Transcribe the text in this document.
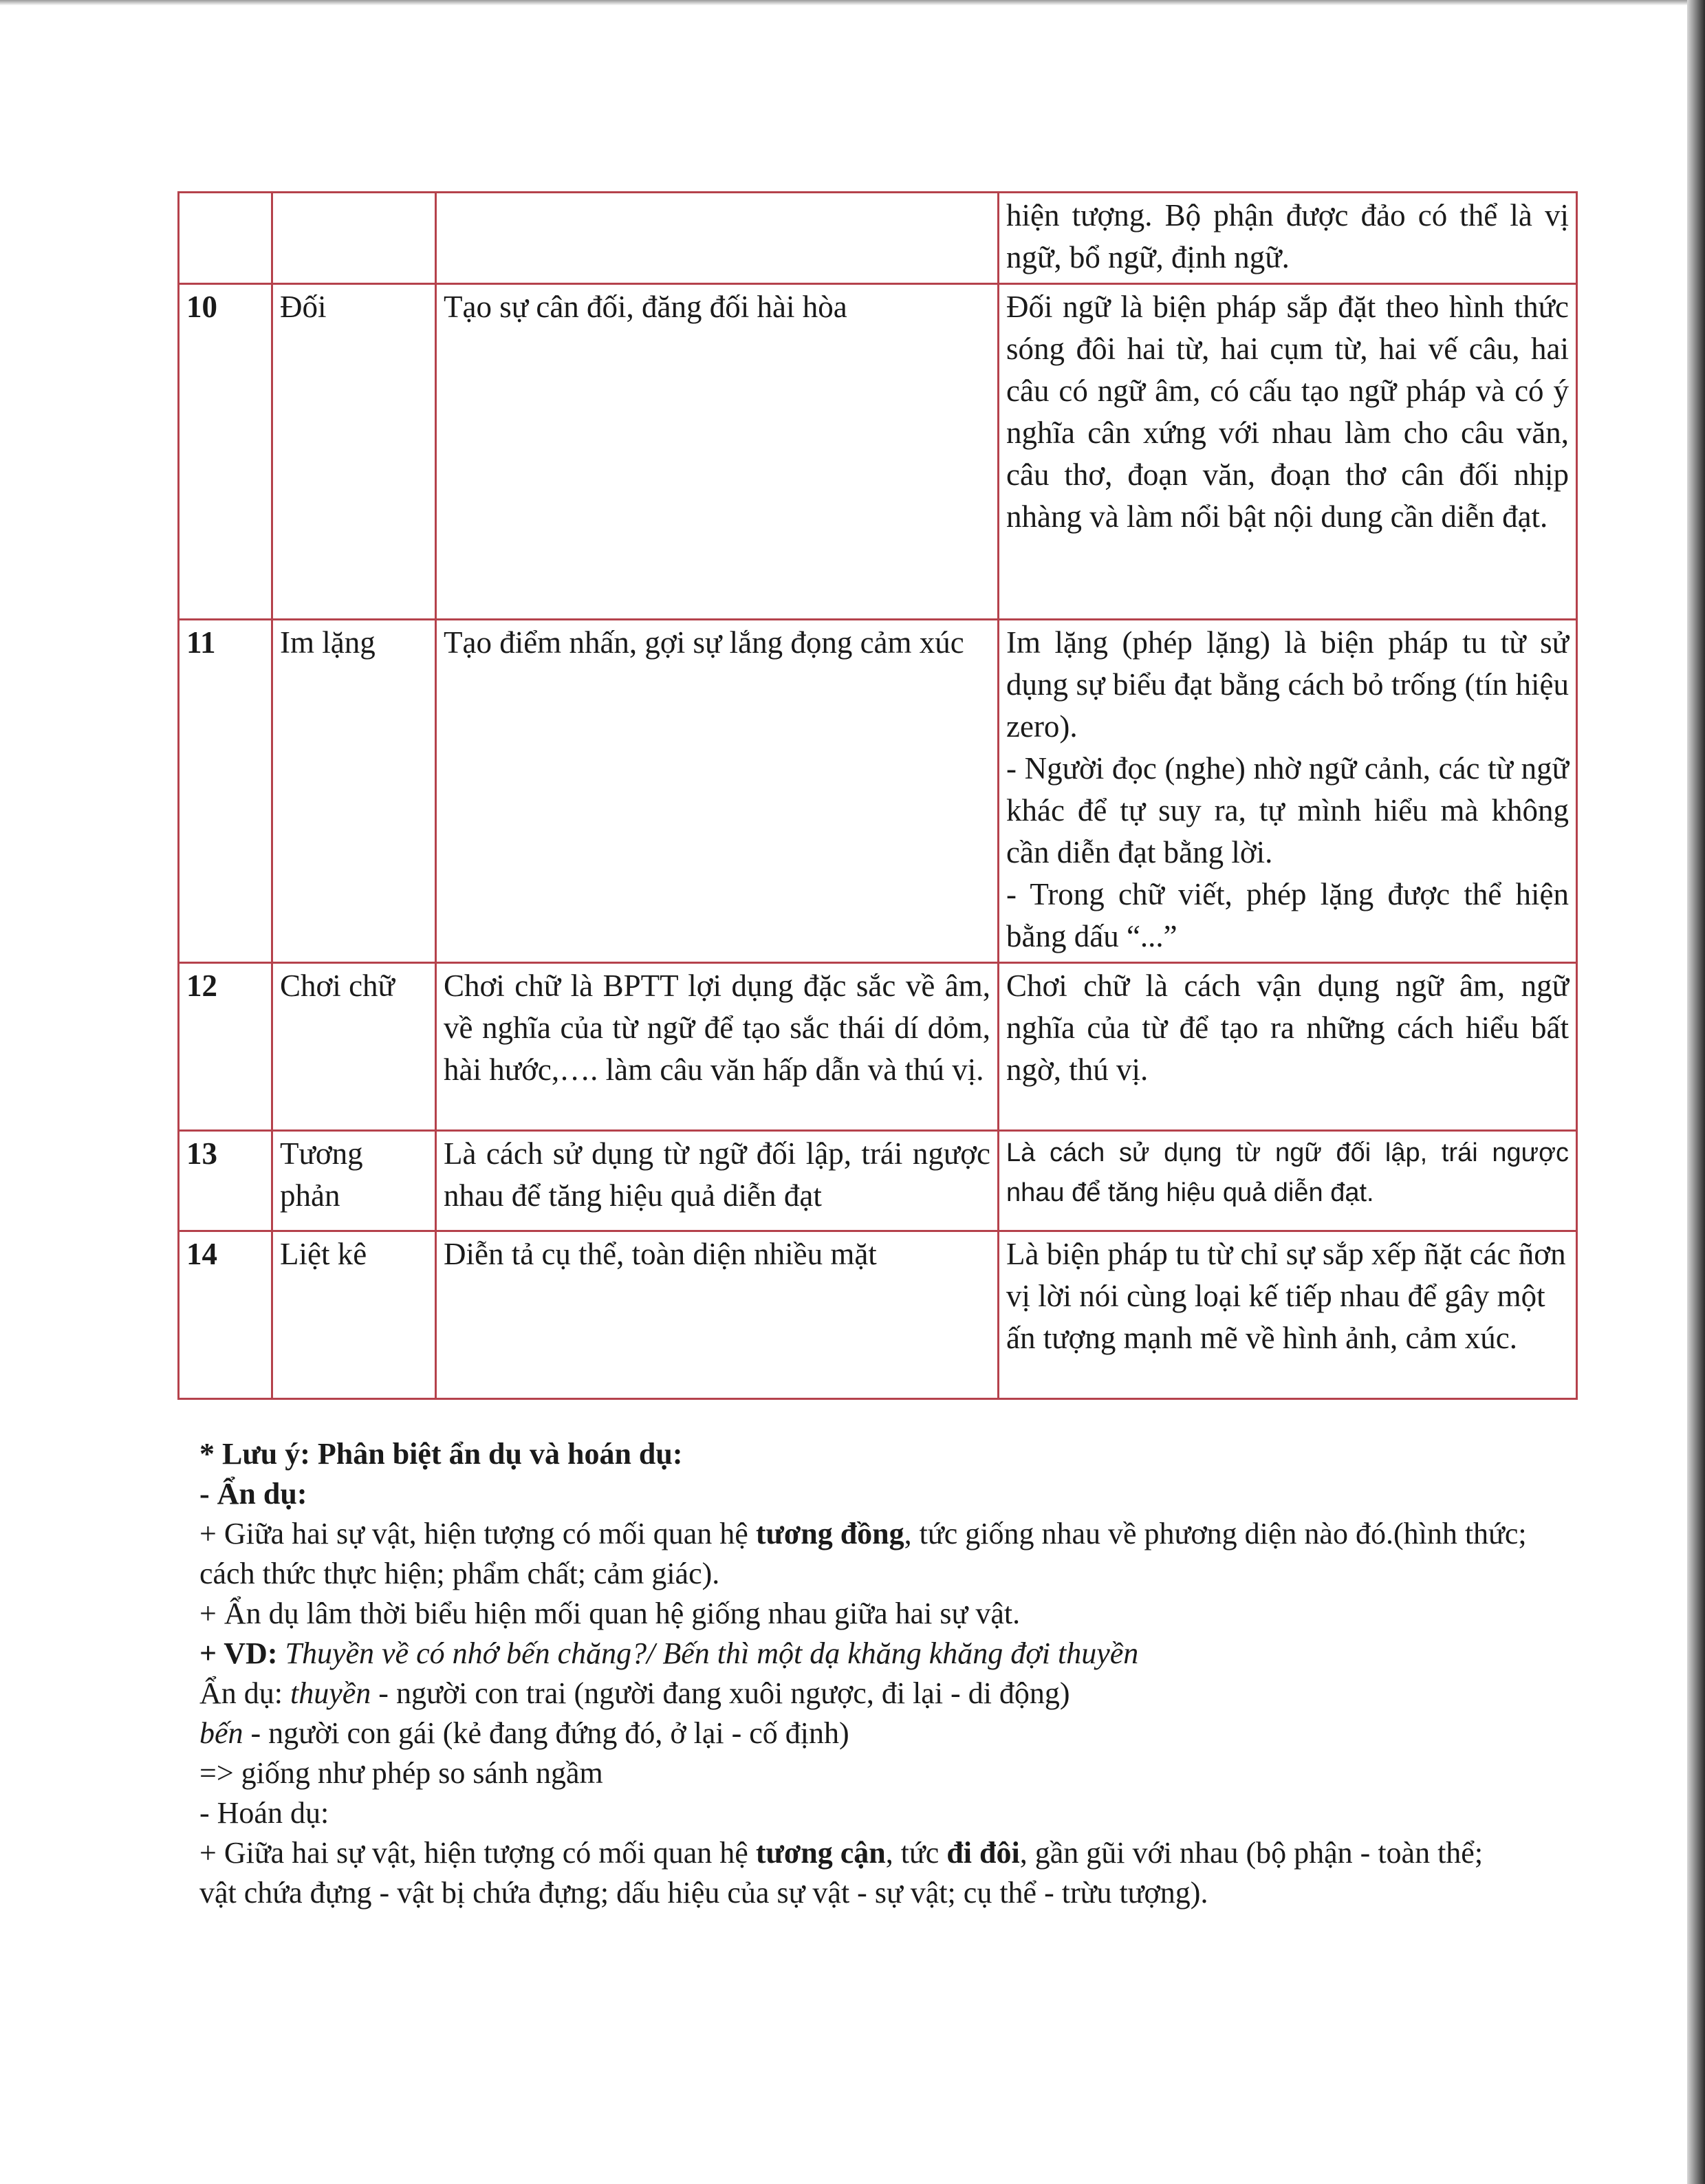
			hiện tượng. Bộ phận được đảo có thể là vị ngữ, bổ ngữ, định ngữ.
10	Đối	Tạo sự cân đối, đăng đối hài hòa	Đối ngữ là biện pháp sắp đặt theo hình thức sóng đôi hai từ, hai cụm từ, hai vế câu, hai câu có ngữ âm, có cấu tạo ngữ pháp và có ý nghĩa cân xứng với nhau làm cho câu văn, câu thơ, đoạn văn, đoạn thơ cân đối nhịp nhàng và làm nổi bật nội dung cần diễn đạt.
11	Im lặng	Tạo điểm nhấn, gợi sự lắng đọng cảm xúc	Im lặng (phép lặng) là biện pháp tu từ sử dụng sự biểu đạt bằng cách bỏ trống (tín hiệu zero).
- Người đọc (nghe) nhờ ngữ cảnh, các từ ngữ khác để tự suy ra, tự mình hiểu mà không cần diễn đạt bằng lời.
- Trong chữ viết, phép lặng được thể hiện bằng dấu “...”

12	Chơi chữ	Chơi chữ là BPTT lợi dụng đặc sắc về âm, về nghĩa của từ ngữ để tạo sắc thái dí dỏm, hài hước,…. làm câu văn hấp dẫn và thú vị.	Chơi chữ là cách vận dụng ngữ âm, ngữ nghĩa của từ để tạo ra những cách hiểu bất ngờ, thú vị.
13	Tương phản	Là cách sử dụng từ ngữ đối lập, trái ngược nhau để tăng hiệu quả diễn đạt	Là cách sử dụng từ ngữ đối lập, trái ngược nhau để tăng hiệu quả diễn đạt.
14	Liệt kê	Diễn tả cụ thể, toàn diện nhiều mặt	Là biện pháp tu từ chỉ sự sắp xếp ñặt các ñơn vị lời nói cùng loại kế tiếp nhau để gây một ấn tượng mạnh mẽ về hình ảnh, cảm xúc.

* Lưu ý: Phân biệt ẩn dụ và hoán dụ:

- Ẩn dụ:

+ Giữa hai sự vật, hiện tượng có mối quan hệ tương đồng, tức giống nhau về phương diện nào đó.(hình thức; cách thức thực hiện; phẩm chất; cảm giác).

+ Ẩn dụ lâm thời biểu hiện mối quan hệ giống nhau giữa hai sự vật.

+ VD: Thuyền về có nhớ bến chăng?/ Bến thì một dạ khăng khăng đợi thuyền

Ẩn dụ: thuyền - người con trai (người đang xuôi ngược, đi lại - di động)

bến - người con gái (kẻ đang đứng đó, ở lại - cố định)

=> giống như phép so sánh ngầm

- Hoán dụ:

+ Giữa hai sự vật, hiện tượng có mối quan hệ tương cận, tức đi đôi, gần gũi với nhau (bộ phận - toàn thể; vật chứa đựng - vật bị chứa đựng; dấu hiệu của sự vật - sự vật; cụ thể - trừu tượng).
